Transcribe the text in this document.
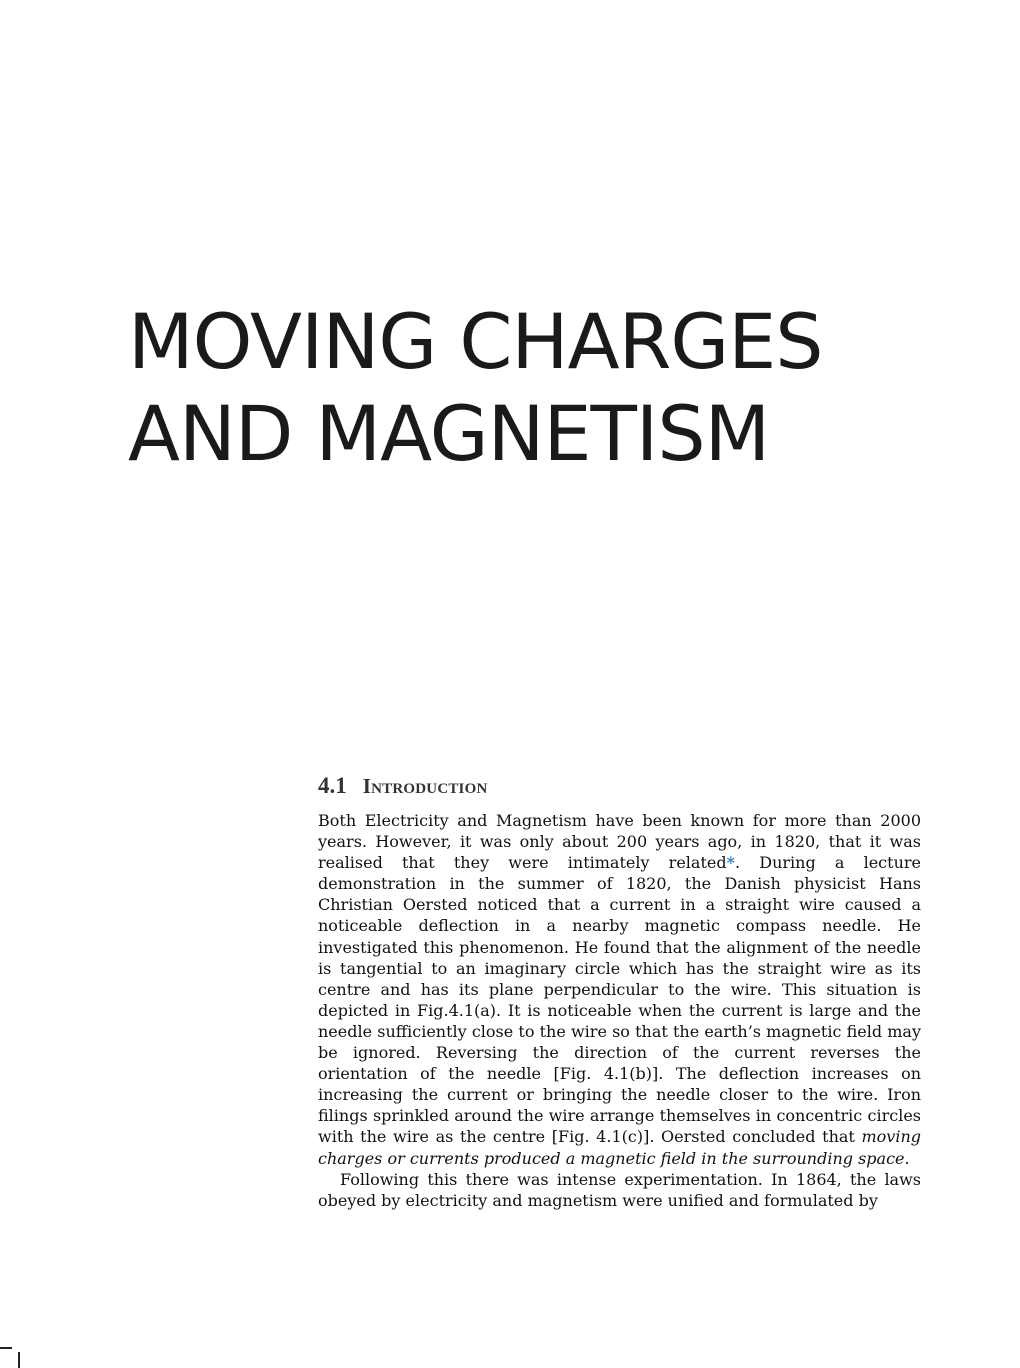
MOVING CHARGES
AND MAGNETISM
4.1 Introduction

Both Electricity and Magnetism have been known for more than 2000 years. However, it was only about 200 years ago, in 1820, that it was realised that they were intimately related*. During a lecture demonstration in the summer of 1820, the Danish physicist Hans Christian Oersted noticed that a current in a straight wire caused a noticeable deflection in a nearby magnetic compass needle. He investigated this phenomenon. He found that the alignment of the needle is tangential to an imaginary circle which has the straight wire as its centre and has its plane perpendicular to the wire. This situation is depicted in Fig.4.1(a). It is noticeable when the current is large and the needle sufficiently close to the wire so that the earth’s magnetic field may be ignored. Reversing the direction of the current reverses the orientation of the needle [Fig. 4.1(b)]. The deflection increases on increasing the current or bringing the needle closer to the wire. Iron filings sprinkled around the wire arrange themselves in concentric circles with the wire as the centre [Fig. 4.1(c)]. Oersted concluded that moving charges or currents produced a magnetic field in the surrounding space.

Following this there was intense experimentation. In 1864, the laws obeyed by electricity and magnetism were unified and formulated by
